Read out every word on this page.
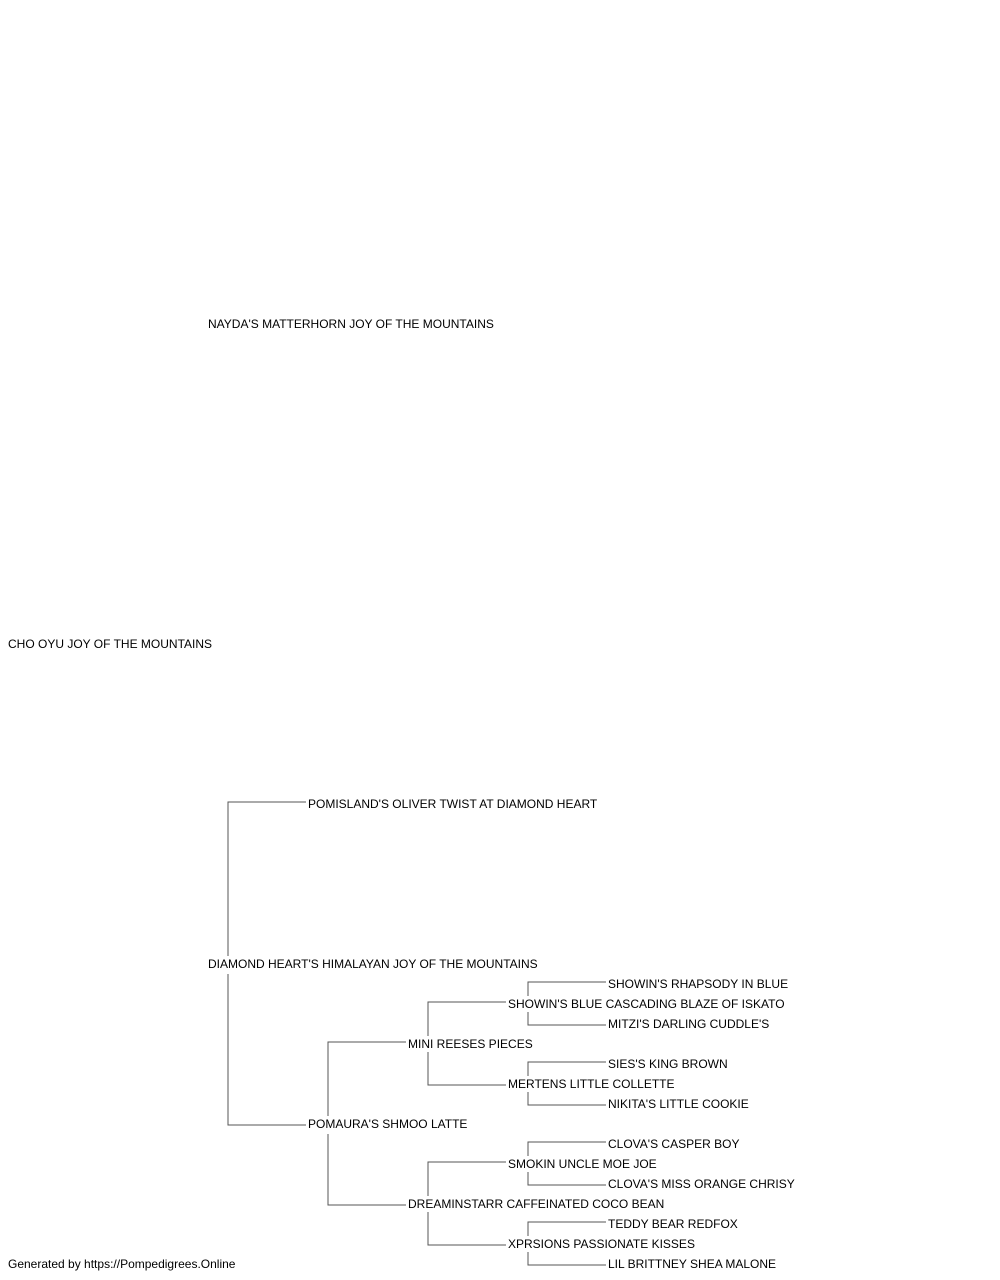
NAYDA'S MATTERHORN JOY OF THE MOUNTAINS
CHO OYU JOY OF THE MOUNTAINS
POMISLAND'S OLIVER TWIST AT DIAMOND HEART
DIAMOND HEART'S HIMALAYAN JOY OF THE MOUNTAINS
SHOWIN'S RHAPSODY IN BLUE
SHOWIN'S BLUE CASCADING BLAZE OF ISKATO
MITZI'S DARLING CUDDLE'S
MINI REESES PIECES
SIES'S KING BROWN
MERTENS LITTLE COLLETTE
NIKITA'S LITTLE COOKIE
POMAURA'S SHMOO LATTE
CLOVA'S CASPER BOY
SMOKIN UNCLE MOE JOE
CLOVA'S MISS ORANGE CHRISY
DREAMINSTARR CAFFEINATED COCO BEAN
TEDDY BEAR REDFOX
XPRSIONS PASSIONATE KISSES
LIL BRITTNEY SHEA MALONE
Generated by https://Pompedigrees.Online
